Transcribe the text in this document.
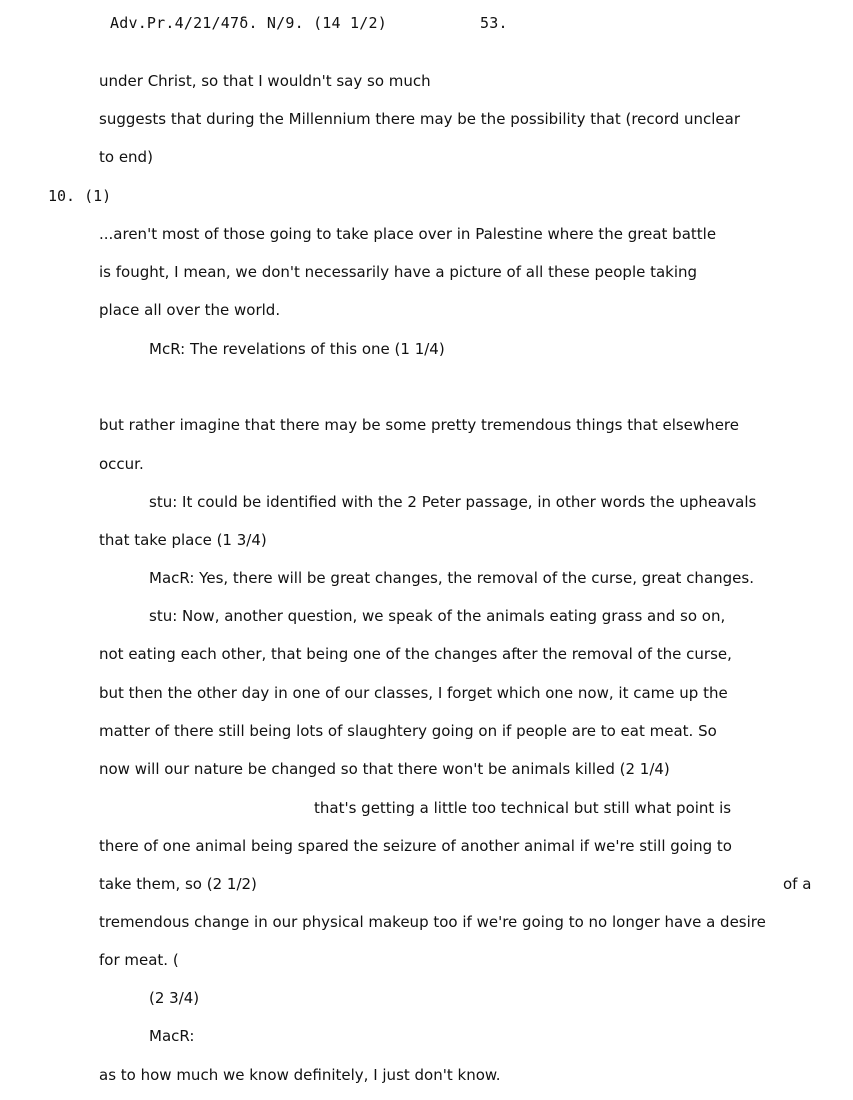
Adv.Pr.4/21/47δ. Ν/9. (14 1/2)	53.
under Christ, so that I wouldn't say so much
suggests that during the Millennium there may be the possibility that (record unclear
to end)
10. (1)
...aren't most of those going to take place over in Palestine where the great battle
is fought, I mean, we don't necessarily have a picture of all these people taking
place all over the world.
McR: The revelations of this one (1 1/4)
but rather imagine that there may be some pretty tremendous things that elsewhere
occur.
stu: It could be identified with the 2 Peter passage, in other words the upheavals
that take place (1 3/4)
MacR: Yes, there will be great changes, the removal of the curse, great changes.
stu: Now, another question, we speak of the animals eating grass and so on,
not eating each other, that being one of the changes after the removal of the curse,
but then the other day in one of our classes, I forget which one now, it came up the
matter of there still being lots of slaughtery going on if people are to eat meat. So
now will our nature be changed so that there won't be animals killed (2 1/4)
that's getting a little too technical but still what point is
there of one animal being spared the seizure of another animal if we're still going to
take them, so (2 1/2)	of a
tremendous change in our physical makeup too if we're going to no longer have a desire
for meat. (
(2 3/4)
MacR:
as to how much we know definitely, I just don't know.
